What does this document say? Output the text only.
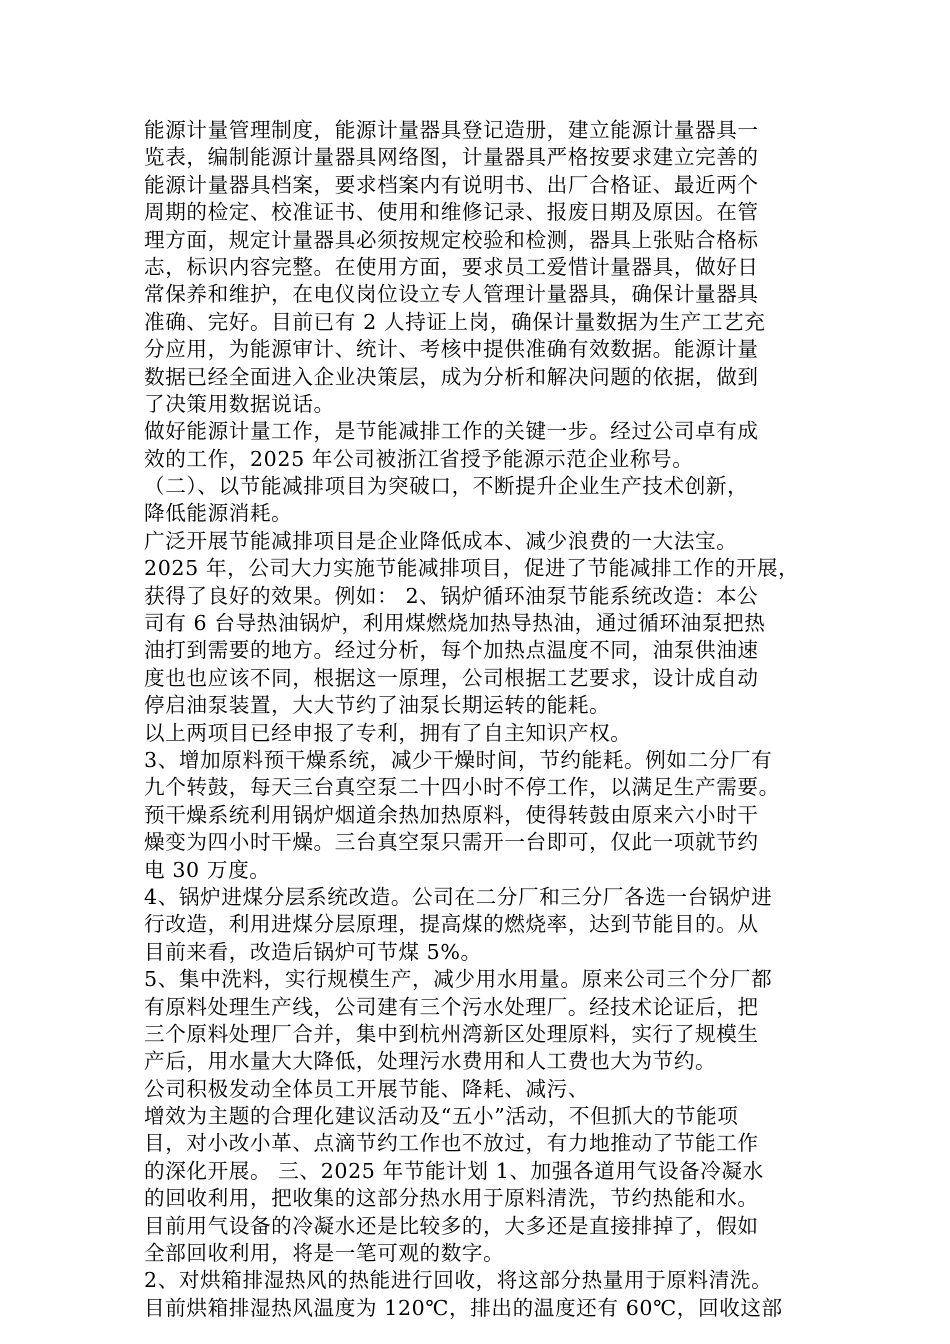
能源计量管理制度，能源计量器具登记造册，建立能源计量器具一
览表，编制能源计量器具网络图，计量器具严格按要求建立完善的
能源计量器具档案，要求档案内有说明书、出厂合格证、最近两个
周期的检定、校准证书、使用和维修记录、报废日期及原因。在管
理方面，规定计量器具必须按规定校验和检测，器具上张贴合格标
志，标识内容完整。在使用方面，要求员工爱惜计量器具，做好日
常保养和维护，在电仪岗位设立专人管理计量器具，确保计量器具
准确、完好。目前已有 2 人持证上岗，确保计量数据为生产工艺充
分应用，为能源审计、统计、考核中提供准确有效数据。能源计量
数据已经全面进入企业决策层，成为分析和解决问题的依据，做到
了决策用数据说话。
做好能源计量工作，是节能减排工作的关键一步。经过公司卓有成
效的工作，2025 年公司被浙江省授予能源示范企业称号。
（二）、以节能减排项目为突破口，不断提升企业生产技术创新，
降低能源消耗。
广泛开展节能减排项目是企业降低成本、减少浪费的一大法宝。
2025 年，公司大力实施节能减排项目，促进了节能减排工作的开展，
获得了良好的效果。例如： 2、锅炉循环油泵节能系统改造：本公
司有 6 台导热油锅炉，利用煤燃烧加热导热油，通过循环油泵把热
油打到需要的地方。经过分析，每个加热点温度不同，油泵供油速
度也也应该不同，根据这一原理，公司根据工艺要求，设计成自动
停启油泵装置，大大节约了油泵长期运转的能耗。
以上两项目已经申报了专利，拥有了自主知识产权。
3、增加原料预干燥系统，减少干燥时间，节约能耗。例如二分厂有
九个转鼓，每天三台真空泵二十四小时不停工作，以满足生产需要。
预干燥系统利用锅炉烟道余热加热原料，使得转鼓由原来六小时干
燥变为四小时干燥。三台真空泵只需开一台即可，仅此一项就节约
电 30 万度。
4、锅炉进煤分层系统改造。公司在二分厂和三分厂各选一台锅炉进
行改造，利用进煤分层原理，提高煤的燃烧率，达到节能目的。从
目前来看，改造后锅炉可节煤 5%。
5、集中洗料，实行规模生产，减少用水用量。原来公司三个分厂都
有原料处理生产线，公司建有三个污水处理厂。经技术论证后，把
三个原料处理厂合并，集中到杭州湾新区处理原料，实行了规模生
产后，用水量大大降低，处理污水费用和人工费也大为节约。
公司积极发动全体员工开展节能、降耗、减污、
增效为主题的合理化建议活动及“五小”活动，不但抓大的节能项
目，对小改小革、点滴节约工作也不放过，有力地推动了节能工作
的深化开展。 三、2025 年节能计划 1、加强各道用气设备冷凝水
的回收利用，把收集的这部分热水用于原料清洗，节约热能和水。
目前用气设备的冷凝水还是比较多的，大多还是直接排掉了，假如
全部回收利用，将是一笔可观的数字。
2、对烘箱排湿热风的热能进行回收，将这部分热量用于原料清洗。
目前烘箱排湿热风温度为 120℃，排出的温度还有 60℃，回收这部
